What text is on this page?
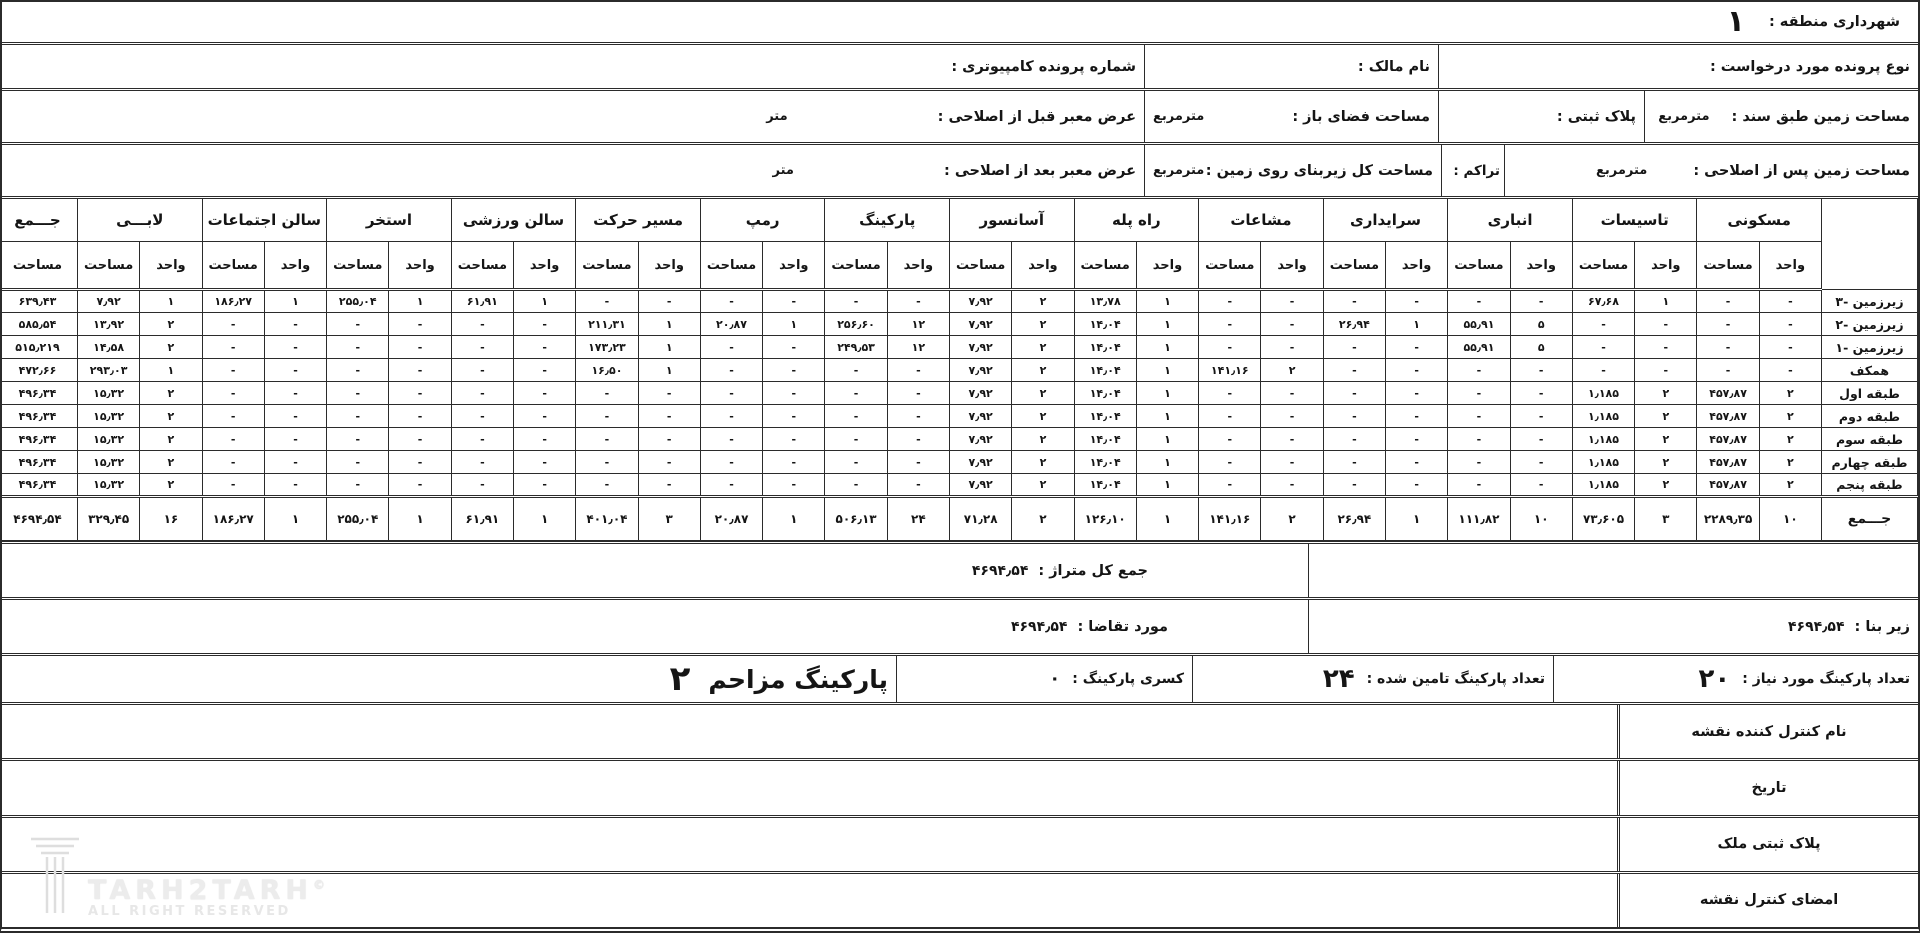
شهرداری منطقه :
۱
نوع پرونده مورد درخواست :
نام مالک :
شماره پرونده کامپیوتری :
مساحت زمین طبق سند :
مترمربع
پلاک ثبتی :
مساحت فضای باز :
مترمربع
عرض معبر قبل از اصلاحی :
متر
مساحت زمین پس از اصلاحی :
مترمربع
تراکم :
مساحت کل زیربنای روی زمین :
مترمربع
عرض معبر بعد از اصلاحی :
متر
	مسکونی		تاسیسات		انباری		سرایداری		مشاعات		راه پله		آسانسور		پارکینگ		رمپ		مسیر حرکت		سالن ورزشی		استخر		سالن اجتماعات		لابـــی		جـــمع
	واحد	مساحت	واحد	مساحت	واحد	مساحت	واحد	مساحت	واحد	مساحت	واحد	مساحت	واحد	مساحت	واحد	مساحت	واحد	مساحت	واحد	مساحت	واحد	مساحت	واحد	مساحت	واحد	مساحت	واحد	مساحت	مساحت
زیرزمین -۳	-	-	۱	۶۷٫۶۸	-	-	-	-	-	-	۱	۱۳٫۷۸	۲	۷٫۹۲	-	-	-	-	-	-	۱	۶۱٫۹۱	۱	۲۵۵٫۰۴	۱	۱۸۶٫۲۷	۱	۷٫۹۲	۶۳۹٫۴۳
زیرزمین -۲	-	-	-	-	۵	۵۵٫۹۱	۱	۲۶٫۹۴	-	-	۱	۱۴٫۰۴	۲	۷٫۹۲	۱۲	۲۵۶٫۶۰	۱	۲۰٫۸۷	۱	۲۱۱٫۳۱	-	-	-	-	-	-	۲	۱۳٫۹۲	۵۸۵٫۵۴
زیرزمین -۱	-	-	-	-	۵	۵۵٫۹۱	-	-	-	-	۱	۱۴٫۰۴	۲	۷٫۹۲	۱۲	۲۴۹٫۵۳	-	-	۱	۱۷۳٫۲۳	-	-	-	-	-	-	۲	۱۴٫۵۸	۵۱۵٫۲۱۹
همکف	-	-	-	-	-	-	-	-	۲	۱۴۱٫۱۶	۱	۱۴٫۰۴	۲	۷٫۹۲	-	-	-	-	۱	۱۶٫۵۰	-	-	-	-	-	-	۱	۲۹۳٫۰۳	۴۷۲٫۶۶
طبقه اول	۲	۴۵۷٫۸۷	۲	۱٫۱۸۵	-	-	-	-	-	-	۱	۱۴٫۰۴	۲	۷٫۹۲	-	-	-	-	-	-	-	-	-	-	-	-	۲	۱۵٫۳۲	۴۹۶٫۳۴
طبقه دوم	۲	۴۵۷٫۸۷	۲	۱٫۱۸۵	-	-	-	-	-	-	۱	۱۴٫۰۴	۲	۷٫۹۲	-	-	-	-	-	-	-	-	-	-	-	-	۲	۱۵٫۳۲	۴۹۶٫۳۴
طبقه سوم	۲	۴۵۷٫۸۷	۲	۱٫۱۸۵	-	-	-	-	-	-	۱	۱۴٫۰۴	۲	۷٫۹۲	-	-	-	-	-	-	-	-	-	-	-	-	۲	۱۵٫۳۲	۴۹۶٫۳۴
طبقه چهارم	۲	۴۵۷٫۸۷	۲	۱٫۱۸۵	-	-	-	-	-	-	۱	۱۴٫۰۴	۲	۷٫۹۲	-	-	-	-	-	-	-	-	-	-	-	-	۲	۱۵٫۳۲	۴۹۶٫۳۴
طبقه پنجم	۲	۴۵۷٫۸۷	۲	۱٫۱۸۵	-	-	-	-	-	-	۱	۱۴٫۰۴	۲	۷٫۹۲	-	-	-	-	-	-	-	-	-	-	-	-	۲	۱۵٫۳۲	۴۹۶٫۳۴
جـــمع	۱۰	۲۲۸۹٫۳۵	۳	۷۳٫۶۰۵	۱۰	۱۱۱٫۸۲	۱	۲۶٫۹۴	۲	۱۴۱٫۱۶	۱	۱۲۶٫۱۰	۲	۷۱٫۲۸	۲۴	۵۰۶٫۱۳	۱	۲۰٫۸۷	۳	۴۰۱٫۰۴	۱	۶۱٫۹۱	۱	۲۵۵٫۰۴	۱	۱۸۶٫۲۷	۱۶	۳۲۹٫۴۵	۴۶۹۴٫۵۴
جمع کل متراژ :
۴۶۹۴٫۵۴
زیر بنا :
۴۶۹۴٫۵۴
مورد تقاضا :
۴۶۹۴٫۵۴
تعداد پارکینگ مورد نیاز :
۲۰
تعداد پارکینگ تامین شده :
۲۴
کسری پارکینگ :
۰
پارکینگ مزاحم
۲
نام کنترل کننده نقشه
تاریخ
پلاک ثبتی ملک
امضای کنترل نقشه
TARH2TARH©
ALL RIGHT RESERVED
